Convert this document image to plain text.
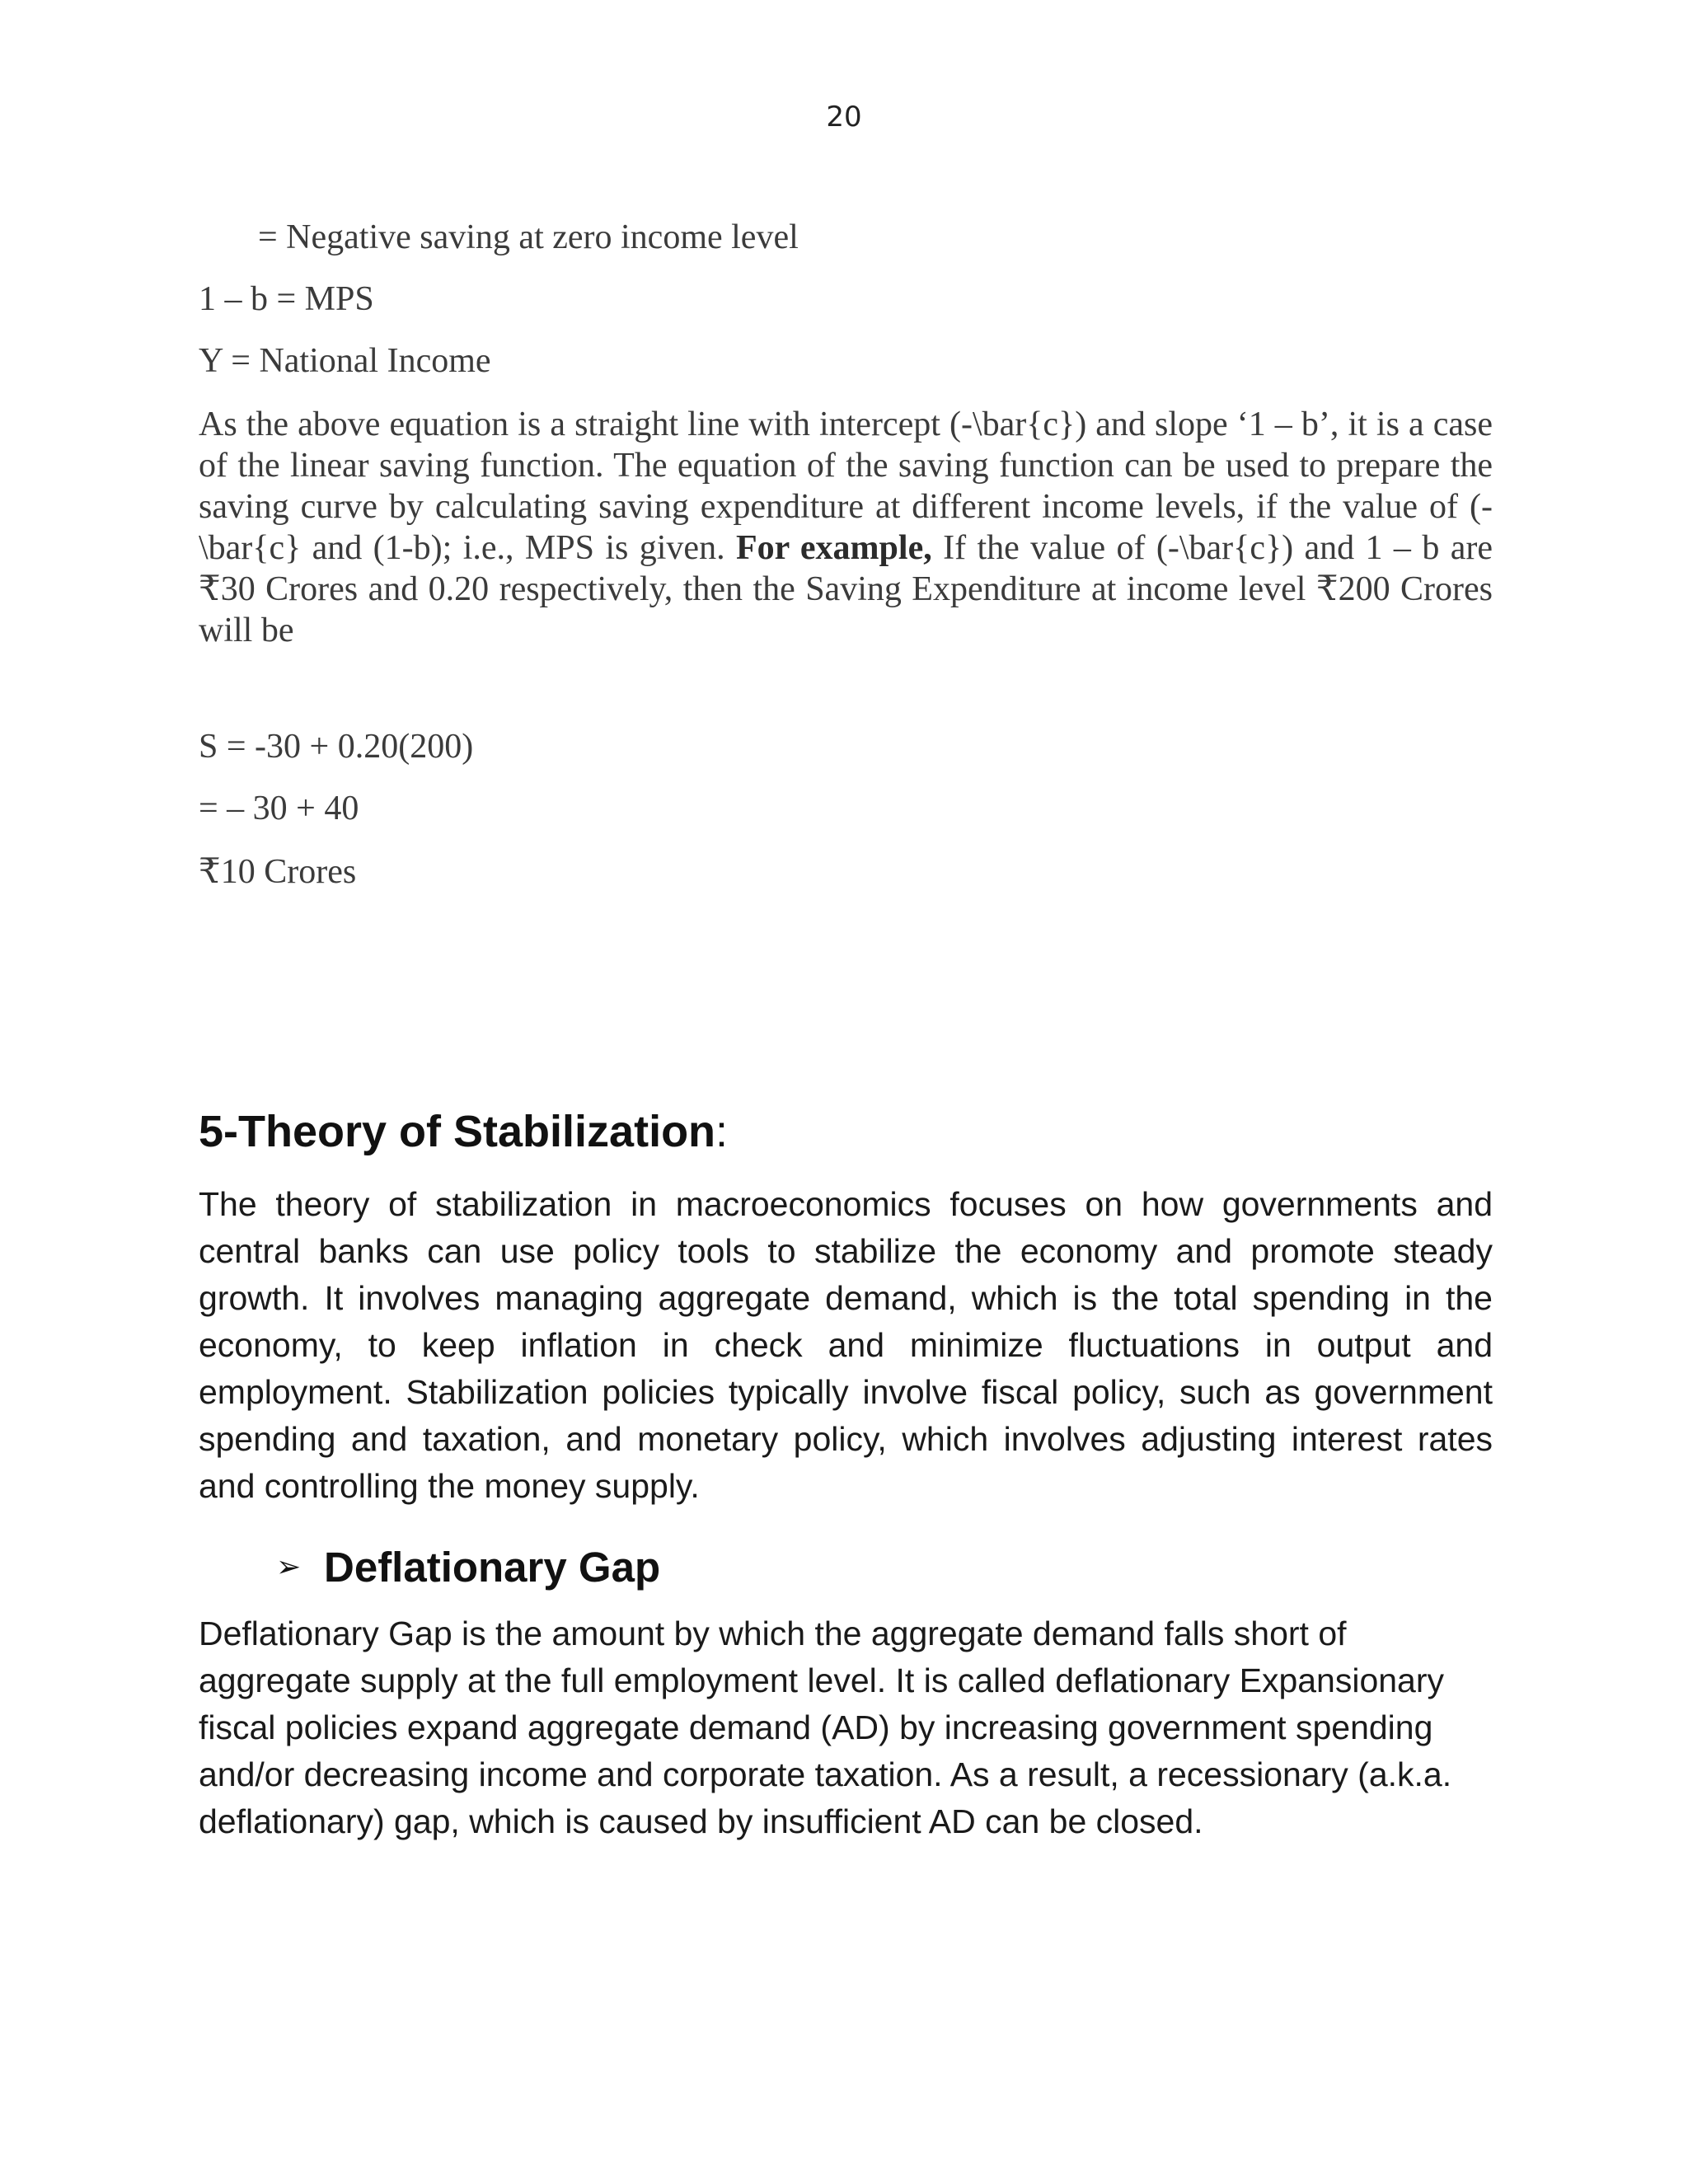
20
= Negative saving at zero income level
1 – b = MPS
Y = National Income

As the above equation is a straight line with intercept (-\bar{c}) and slope ‘1 – b’, it is a case of the linear saving function. The equation of the saving function can be used to prepare the saving curve by calculating saving expenditure at different income levels, if the value of (-\bar{c} and (1-b); i.e., MPS is given. For example, If the value of (-\bar{c}) and 1 – b are ₹30 Crores and 0.20 respectively, then the Saving Expenditure at income level ₹200 Crores will be

S = -30 + 0.20(200)
= – 30 + 40
₹10 Crores
5-Theory of Stabilization:

The theory of stabilization in macroeconomics focuses on how governments and central banks can use policy tools to stabilize the economy and promote steady growth. It involves managing aggregate demand, which is the total spending in the economy, to keep inflation in check and minimize fluctuations in output and employment. Stabilization policies typically involve fiscal policy, such as government spending and taxation, and monetary policy, which involves adjusting interest rates and controlling the money supply.

➢ Deflationary Gap

Deflationary Gap is the amount by which the aggregate demand falls short of aggregate supply at the full employment level. It is called deflationary Expansionary fiscal policies expand aggregate demand (AD) by increasing government spending and/or decreasing income and corporate taxation. As a result, a recessionary (a.k.a. deflationary) gap, which is caused by insufficient AD can be closed.
